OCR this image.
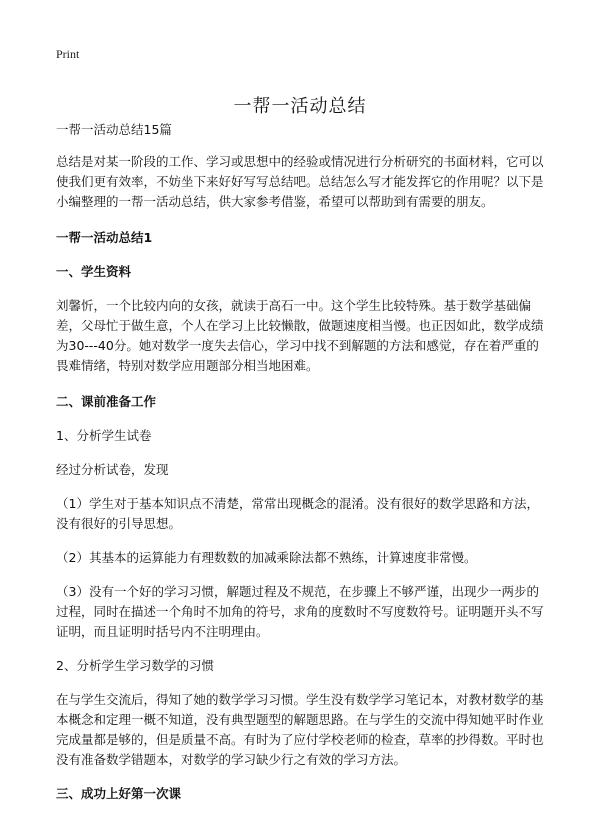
Print
一帮一活动总结

一帮一活动总结15篇

总结是对某一阶段的工作、学习或思想中的经验或情况进行分析研究的书面材料，它可以使我们更有效率，不妨坐下来好好写写总结吧。总结怎么写才能发挥它的作用呢？以下是小编整理的一帮一活动总结，供大家参考借鉴，希望可以帮助到有需要的朋友。

一帮一活动总结1

一、学生资料

刘馨忻，一个比较内向的女孩，就读于高石一中。这个学生比较特殊。基于数学基础偏差，父母忙于做生意，个人在学习上比较懒散，做题速度相当慢。也正因如此，数学成绩为30---40分。她对数学一度失去信心，学习中找不到解题的方法和感觉，存在着严重的畏难情绪，特别对数学应用题部分相当地困难。

二、课前准备工作

1、分析学生试卷

经过分析试卷，发现

（1）学生对于基本知识点不清楚，常常出现概念的混淆。没有很好的数学思路和方法，没有很好的引导思想。

（2）其基本的运算能力有理数数的加减乘除法都不熟练，计算速度非常慢。

（3）没有一个好的学习习惯，解题过程及不规范，在步骤上不够严谨，出现少一两步的过程，同时在描述一个角时不加角的符号，求角的度数时不写度数符号。证明题开头不写证明，而且证明时括号内不注明理由。

2、分析学生学习数学的习惯

在与学生交流后，得知了她的数学学习习惯。学生没有数学学习笔记本，对教材数学的基本概念和定理一概不知道，没有典型题型的解题思路。在与学生的交流中得知她平时作业完成量都是够的，但是质量不高。有时为了应付学校老师的检查，草率的抄得数。平时也没有准备数学错题本，对数学的学习缺少行之有效的学习方法。

三、成功上好第一次课
